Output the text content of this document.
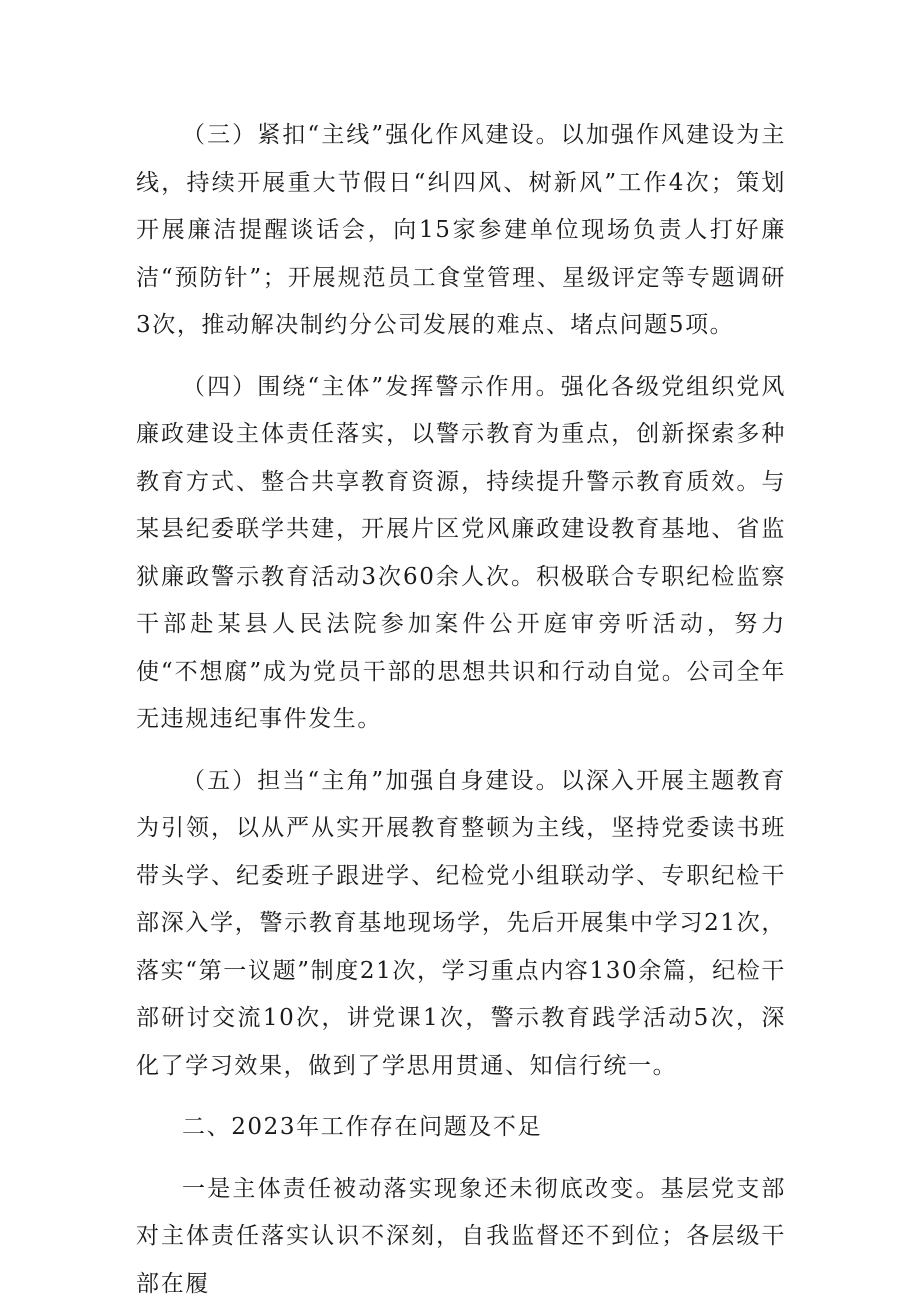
（三）紧扣“主线”强化作风建设。以加强作风建设为主线，持续开展重大节假日“纠四风、树新风”工作4次；策划开展廉洁提醒谈话会，向15家参建单位现场负责人打好廉洁“预防针”；开展规范员工食堂管理、星级评定等专题调研3次，推动解决制约分公司发展的难点、堵点问题5项。

（四）围绕“主体”发挥警示作用。强化各级党组织党风廉政建设主体责任落实，以警示教育为重点，创新探索多种教育方式、整合共享教育资源，持续提升警示教育质效。与某县纪委联学共建，开展片区党风廉政建设教育基地、省监狱廉政警示教育活动3次60余人次。积极联合专职纪检监察干部赴某县人民法院参加案件公开庭审旁听活动，努力使“不想腐”成为党员干部的思想共识和行动自觉。公司全年无违规违纪事件发生。

（五）担当“主角”加强自身建设。以深入开展主题教育为引领，以从严从实开展教育整顿为主线，坚持党委读书班带头学、纪委班子跟进学、纪检党小组联动学、专职纪检干部深入学，警示教育基地现场学，先后开展集中学习21次，落实“第一议题”制度21次，学习重点内容130余篇，纪检干部研讨交流10次，讲党课1次，警示教育践学活动5次，深化了学习效果，做到了学思用贯通、知信行统一。

二、2023年工作存在问题及不足

一是主体责任被动落实现象还未彻底改变。基层党支部对主体责任落实认识不深刻，自我监督还不到位；各层级干部在履
